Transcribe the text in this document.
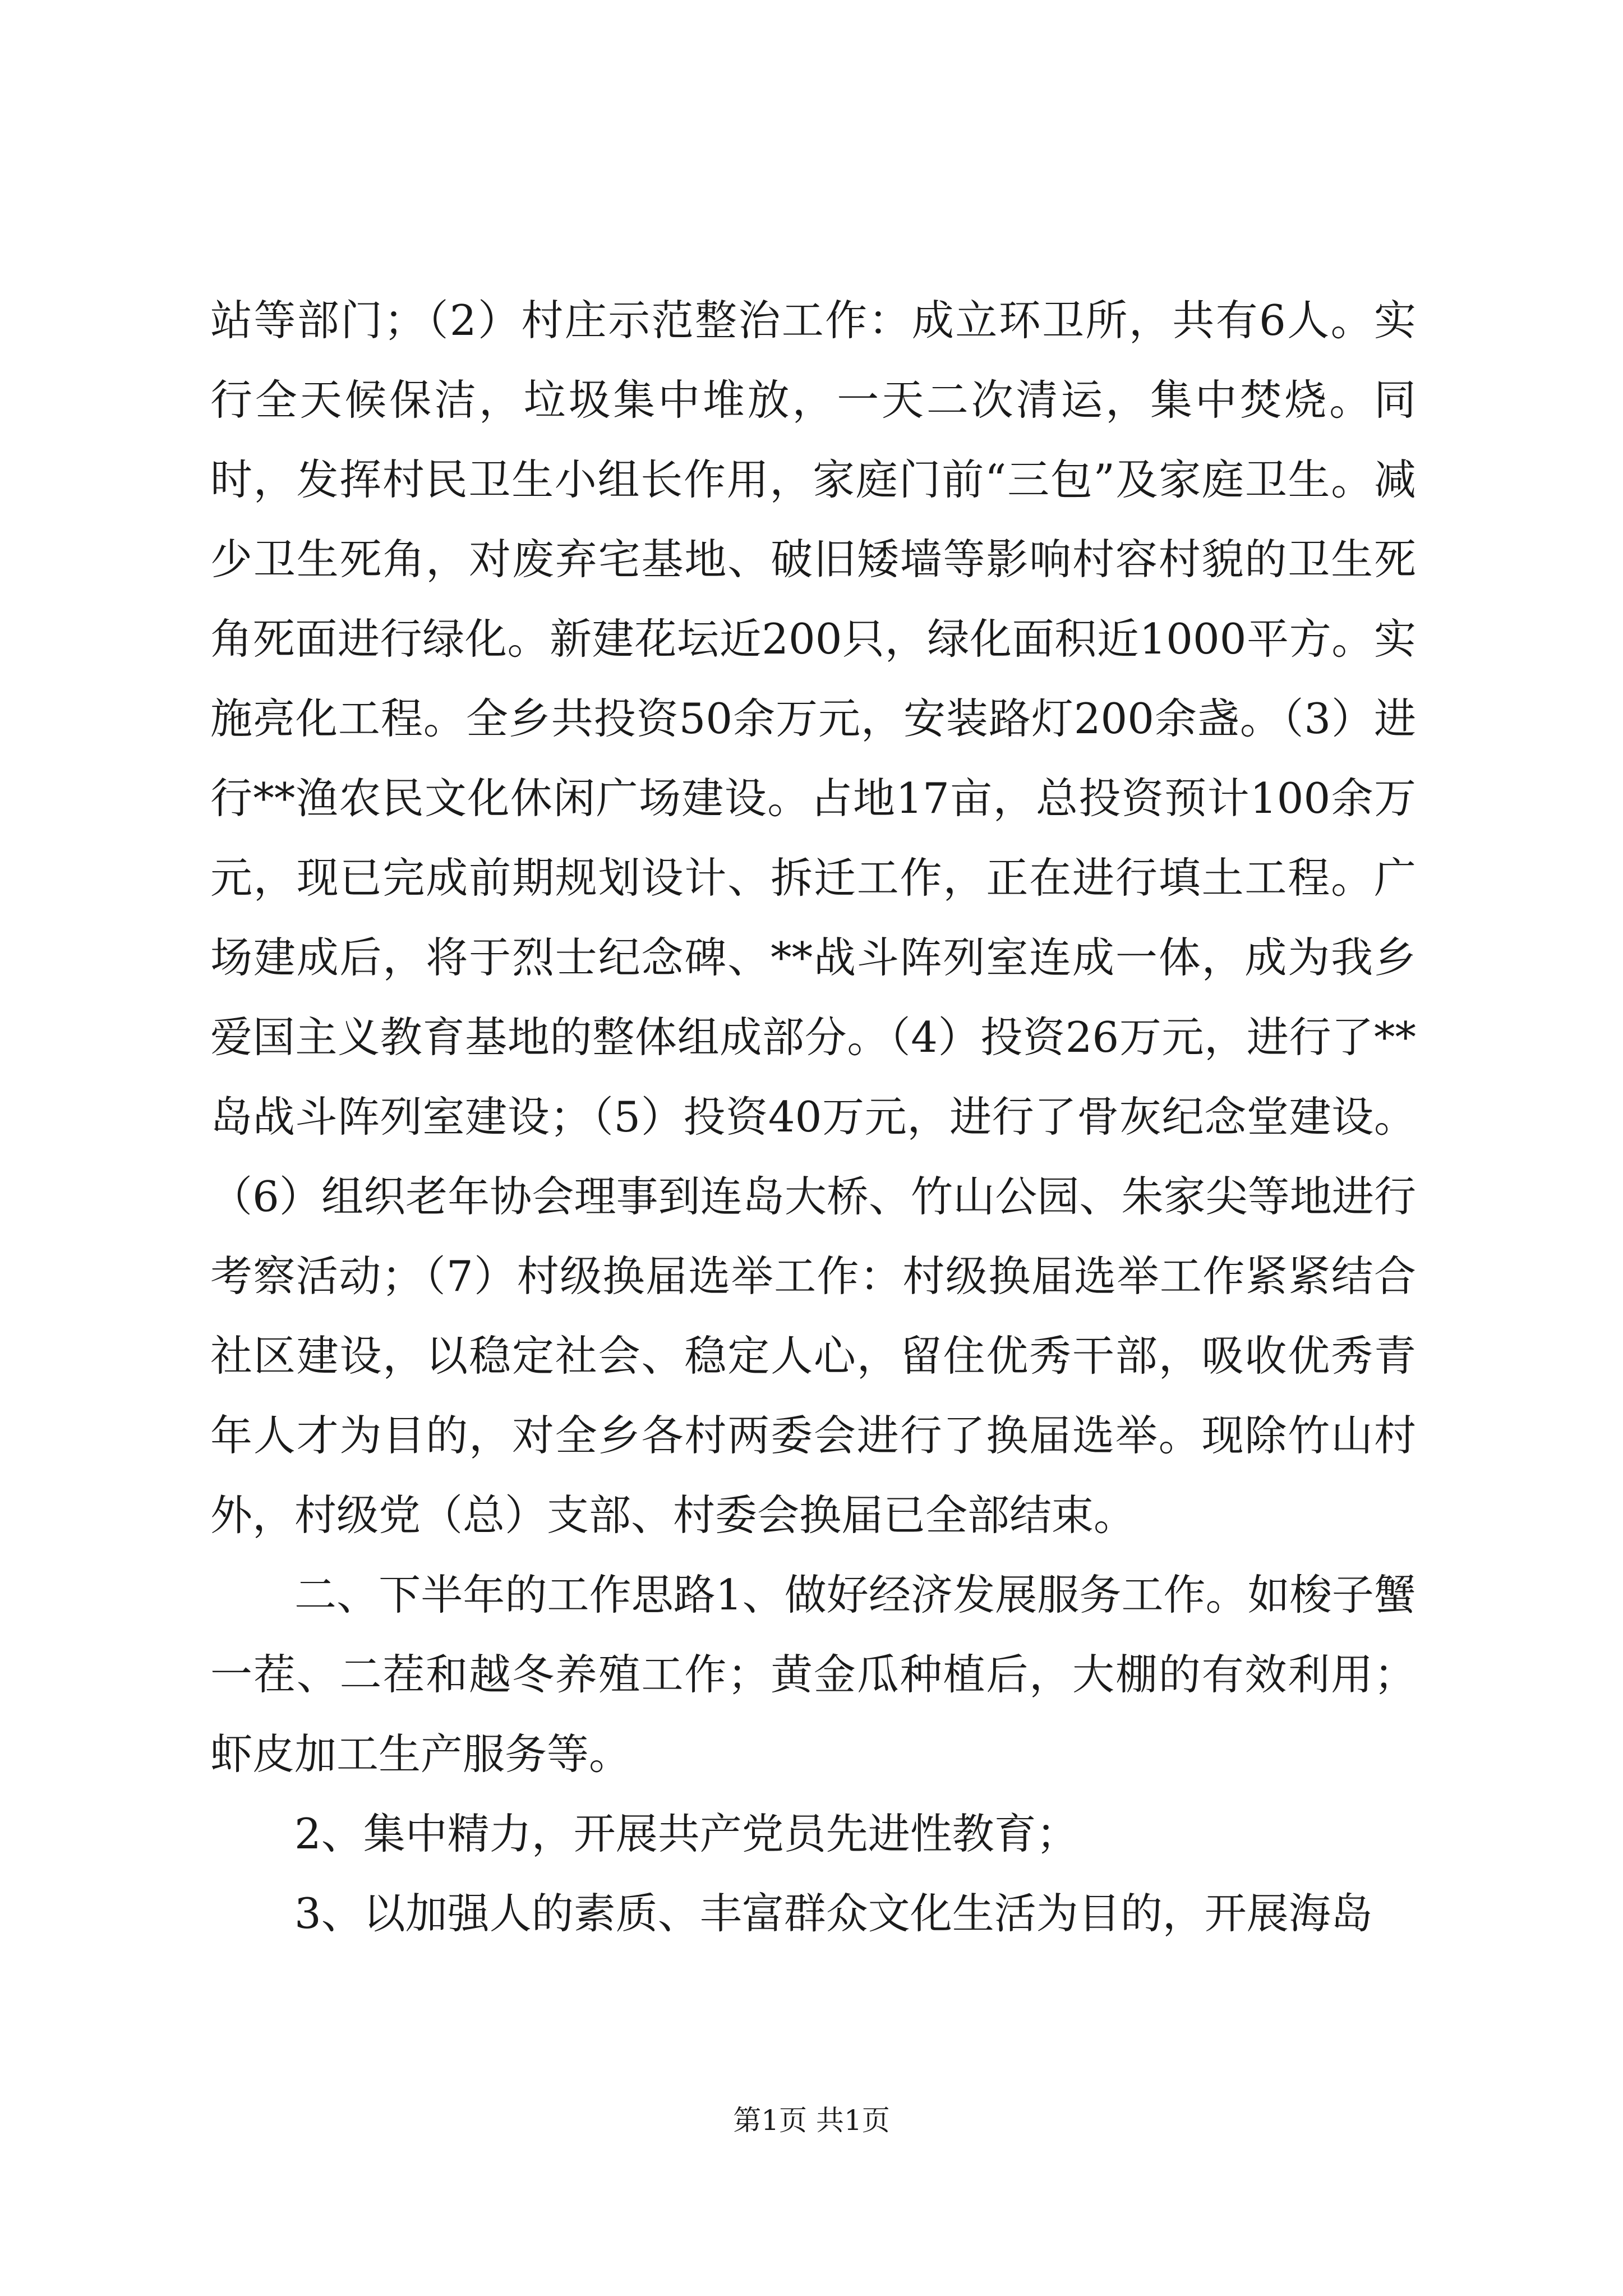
站等部门；（2）村庄示范整治工作：成立环卫所，共有6人。实行全天候保洁，垃圾集中堆放，一天二次清运，集中焚烧。同时，发挥村民卫生小组长作用，家庭门前“三包”及家庭卫生。减少卫生死角，对废弃宅基地、破旧矮墙等影响村容村貌的卫生死角死面进行绿化。新建花坛近200只，绿化面积近1000平方。实施亮化工程。全乡共投资50余万元，安装路灯200余盏。（3）进行**渔农民文化休闲广场建设。占地17亩，总投资预计100余万元，现已完成前期规划设计、拆迁工作，正在进行填土工程。广场建成后，将于烈士纪念碑、**战斗阵列室连成一体，成为我乡爱国主义教育基地的整体组成部分。（4）投资26万元，进行了**岛战斗阵列室建设；（5）投资40万元，进行了骨灰纪念堂建设。（6）组织老年协会理事到连岛大桥、竹山公园、朱家尖等地进行考察活动；（7）村级换届选举工作：村级换届选举工作紧紧结合社区建设，以稳定社会、稳定人心，留住优秀干部，吸收优秀青年人才为目的，对全乡各村两委会进行了换届选举。现除竹山村外，村级党（总）支部、村委会换届已全部结束。

二、下半年的工作思路1、做好经济发展服务工作。如梭子蟹一茬、二茬和越冬养殖工作；黄金瓜种植后，大棚的有效利用；虾皮加工生产服务等。

2、集中精力，开展共产党员先进性教育；

3、以加强人的素质、丰富群众文化生活为目的，开展海岛

第1页 共1页
